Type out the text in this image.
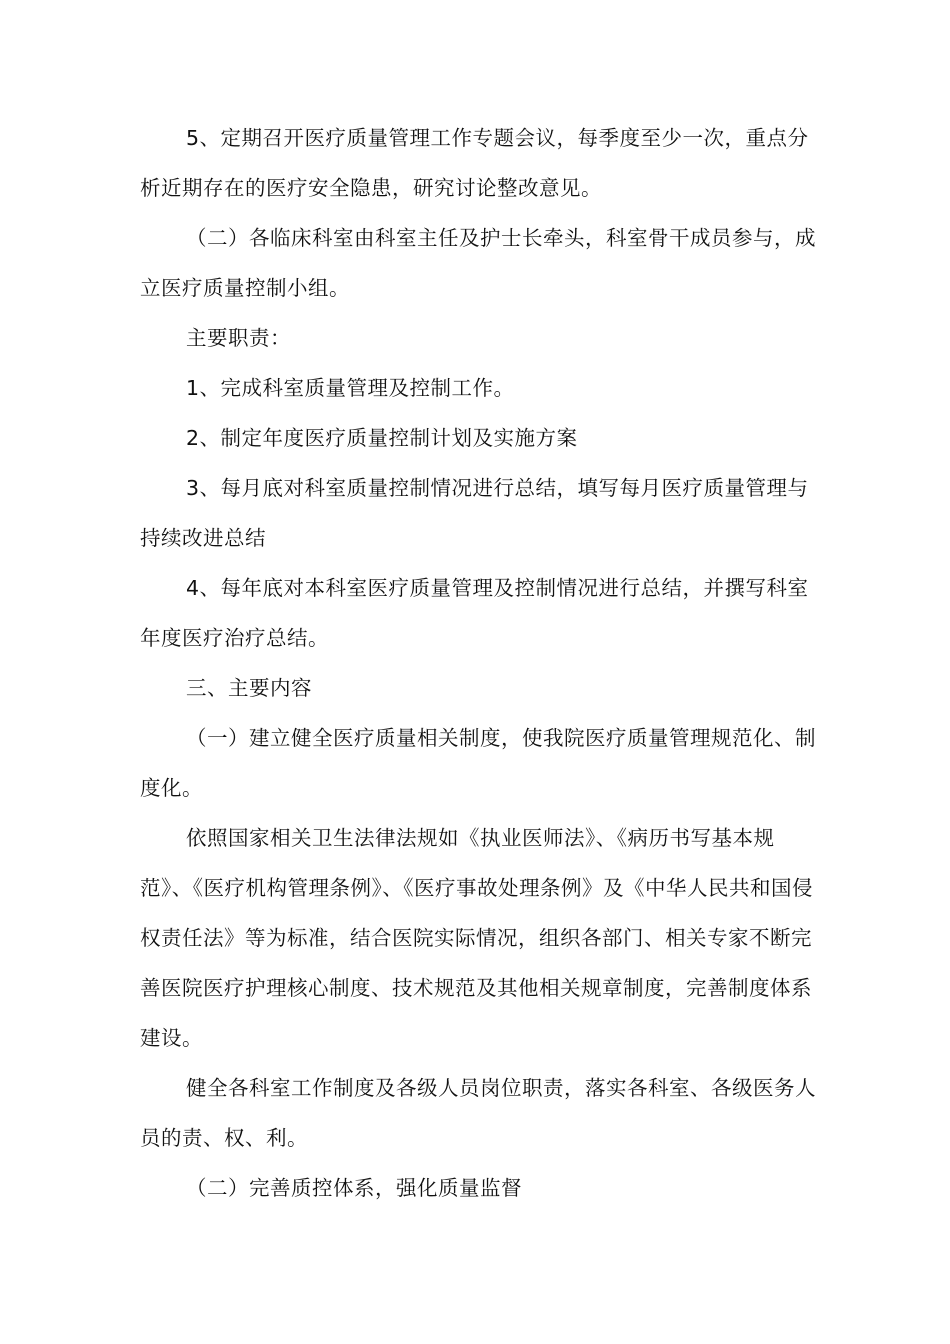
5、定期召开医疗质量管理工作专题会议，每季度至少一次，重点分析近期存在的医疗安全隐患，研究讨论整改意见。

（二）各临床科室由科室主任及护士长牵头，科室骨干成员参与，成立医疗质量控制小组。

主要职责：

1、完成科室质量管理及控制工作。

2、制定年度医疗质量控制计划及实施方案

3、每月底对科室质量控制情况进行总结，填写每月医疗质量管理与持续改进总结

4、每年底对本科室医疗质量管理及控制情况进行总结，并撰写科室年度医疗治疗总结。

三、主要内容

（一）建立健全医疗质量相关制度，使我院医疗质量管理规范化、制度化。

依照国家相关卫生法律法规如《执业医师法》、《病历书写基本规范》、《医疗机构管理条例》、《医疗事故处理条例》及《中华人民共和国侵权责任法》等为标准，结合医院实际情况，组织各部门、相关专家不断完善医院医疗护理核心制度、技术规范及其他相关规章制度，完善制度体系建设。

健全各科室工作制度及各级人员岗位职责，落实各科室、各级医务人员的责、权、利。

（二）完善质控体系，强化质量监督
